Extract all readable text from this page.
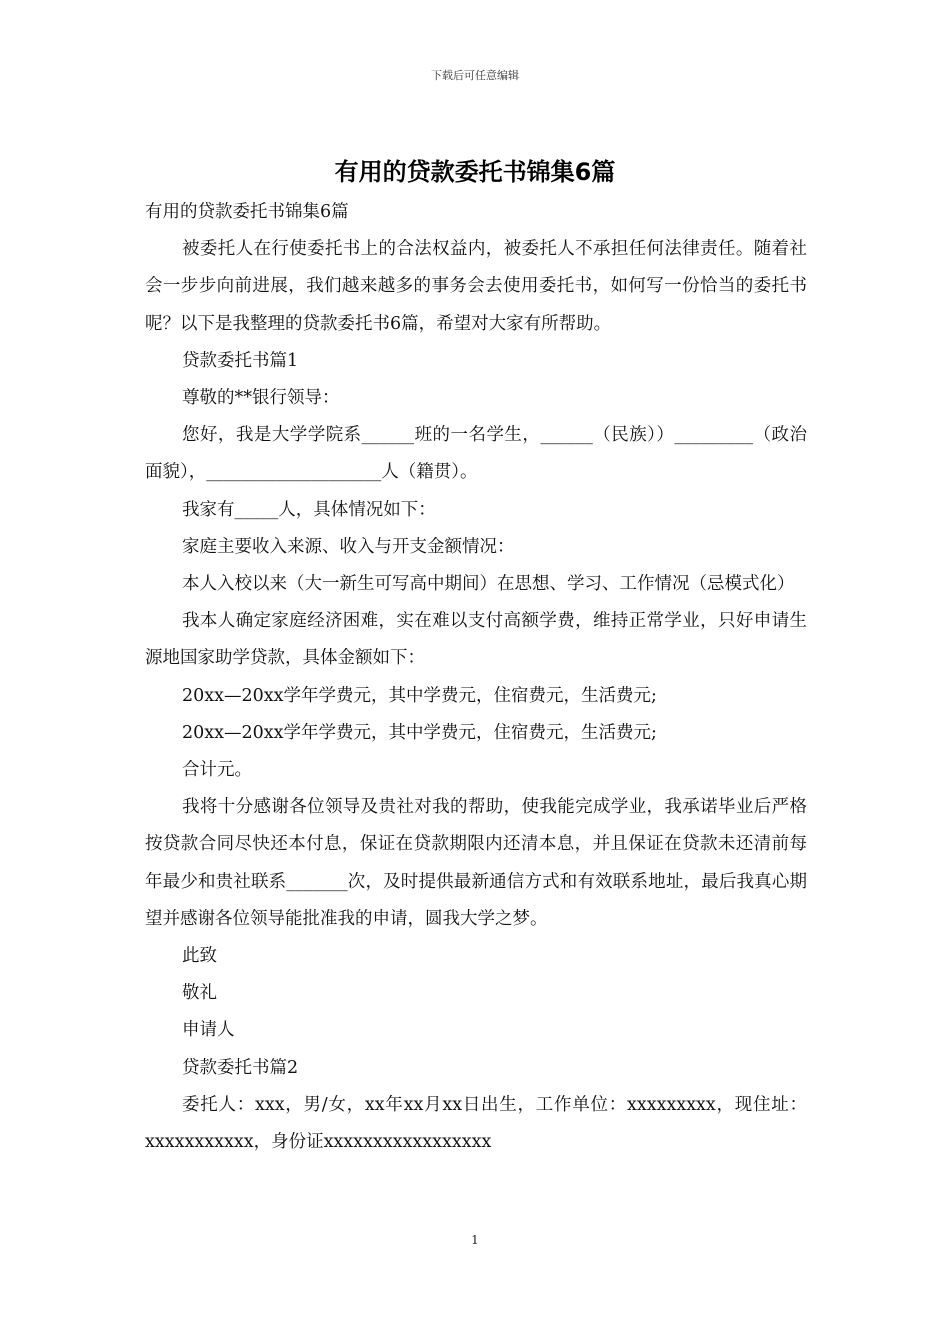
下载后可任意编辑
有用的贷款委托书锦集6篇

有用的贷款委托书锦集6篇

被委托人在行使委托书上的合法权益内，被委托人不承担任何法律责任。随着社会一步步向前进展，我们越来越多的事务会去使用委托书，如何写一份恰当的委托书呢？以下是我整理的贷款委托书6篇，希望对大家有所帮助。

贷款委托书篇1

尊敬的**银行领导：

您好，我是大学学院系______班的一名学生，______（民族））_________（政治面貌），____________________人（籍贯）。

我家有_____人，具体情况如下：

家庭主要收入来源、收入与开支金额情况：

本人入校以来（大一新生可写高中期间）在思想、学习、工作情况（忌模式化）

我本人确定家庭经济困难，实在难以支付高额学费，维持正常学业，只好申请生源地国家助学贷款，具体金额如下：

20xx—20xx学年学费元，其中学费元，住宿费元，生活费元;

20xx—20xx学年学费元，其中学费元，住宿费元，生活费元;

合计元。

我将十分感谢各位领导及贵社对我的帮助，使我能完成学业，我承诺毕业后严格按贷款合同尽快还本付息，保证在贷款期限内还清本息，并且保证在贷款未还清前每年最少和贵社联系_______次，及时提供最新通信方式和有效联系地址，最后我真心期望并感谢各位领导能批准我的申请，圆我大学之梦。

此致

敬礼

申请人

贷款委托书篇2

委托人：xxx，男/女，xx年xx月xx日出生，工作单位：xxxxxxxxx，现住址：xxxxxxxxxxx，身份证xxxxxxxxxxxxxxxxx

1
